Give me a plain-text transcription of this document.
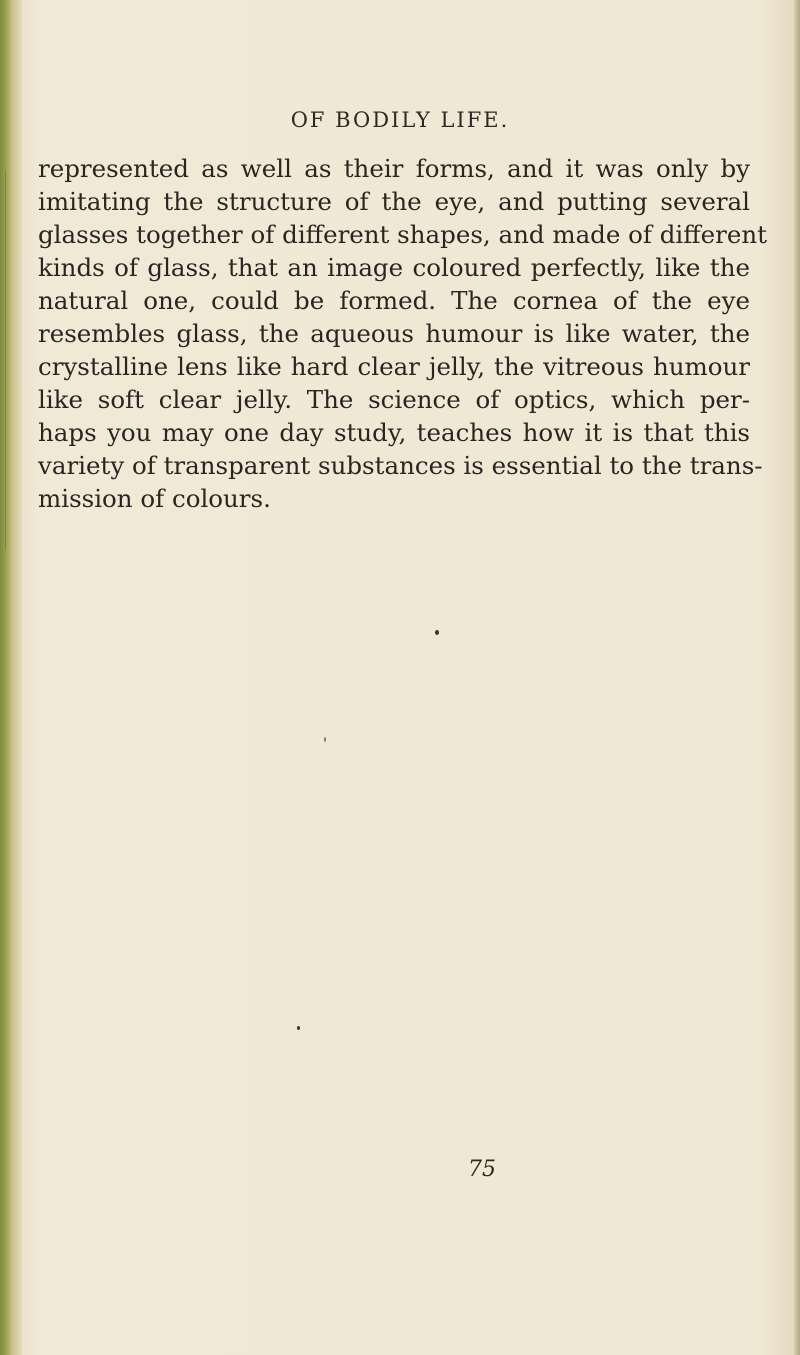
OF BODILY LIFE.
represented as well as their forms, and it was only by
imitating the structure of the eye, and putting several
glasses together of different shapes, and made of different
kinds of glass, that an image coloured perfectly, like the
natural one, could be formed. The cornea of the eye
resembles glass, the aqueous humour is like water, the
crystalline lens like hard clear jelly, the vitreous humour
like soft clear jelly. The science of optics, which per-
haps you may one day study, teaches how it is that this
variety of transparent substances is essential to the trans-
mission of colours.
75
